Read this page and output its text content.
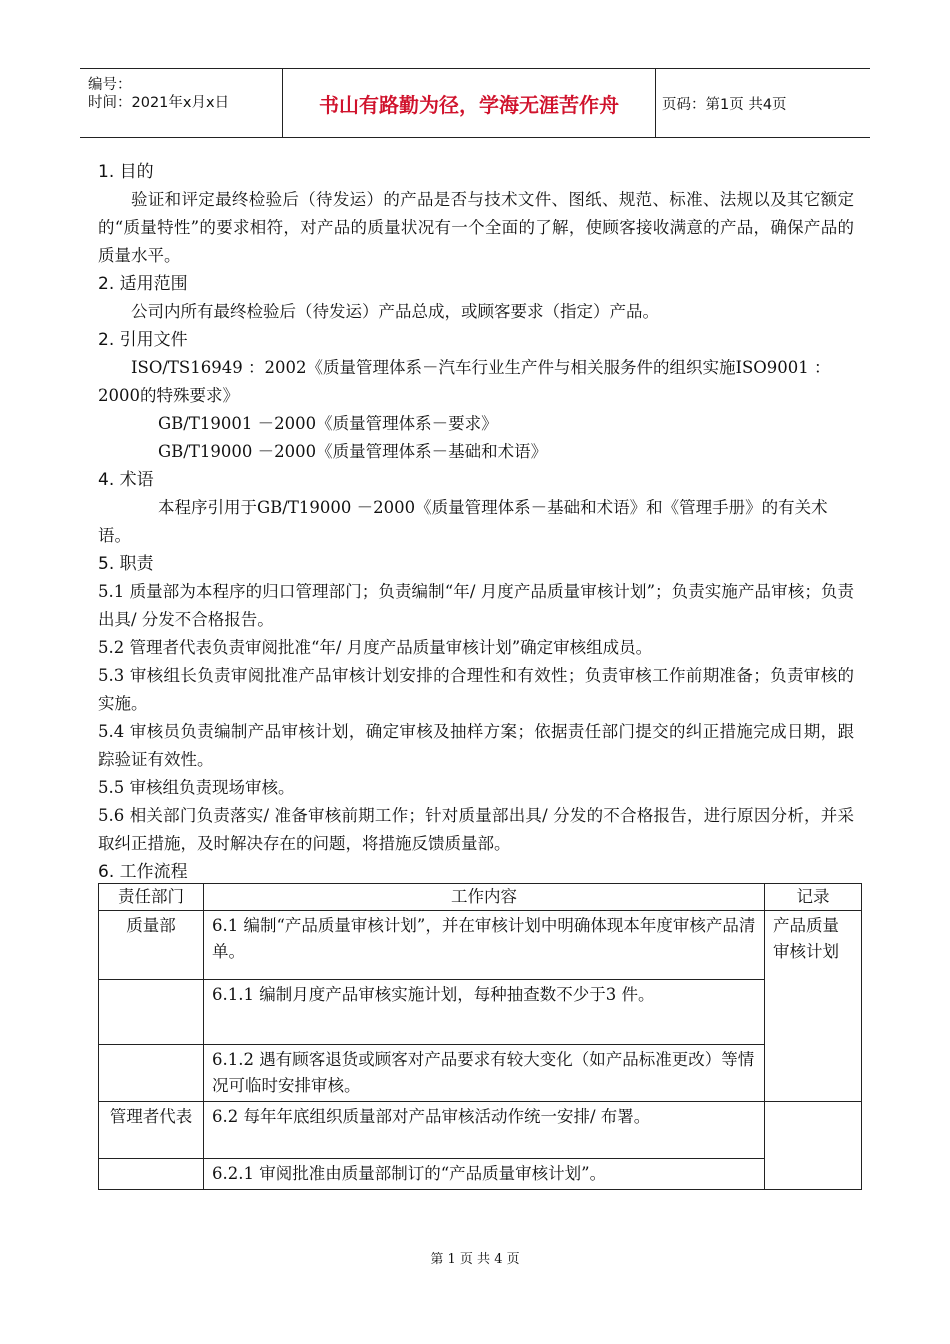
编号：
时间：2021年x月x日	书山有路勤为径，学海无涯苦作舟	页码：第1页 共4页
1. 目的

验证和评定最终检验后（待发运）的产品是否与技术文件、图纸、规范、标准、法规以及其它额定的“质量特性”的要求相符，对产品的质量状况有一个全面的了解，使顾客接收满意的产品，确保产品的质量水平。

2. 适用范围

公司内所有最终检验后（待发运）产品总成，或顾客要求（指定）产品。

2. 引用文件

ISO/TS16949 ：2002《质量管理体系－汽车行业生产件与相关服务件的组织实施ISO9001 ：2000的特殊要求》

GB/T19001 －2000《质量管理体系－要求》

GB/T19000 －2000《质量管理体系－基础和术语》

4. 术语

本程序引用于GB/T19000 －2000《质量管理体系－基础和术语》和《管理手册》的有关术语。

5. 职责

5.1 质量部为本程序的归口管理部门；负责编制“年/ 月度产品质量审核计划”；负责实施产品审核；负责出具/ 分发不合格报告。

5.2 管理者代表负责审阅批准“年/ 月度产品质量审核计划”确定审核组成员。

5.3 审核组长负责审阅批准产品审核计划安排的合理性和有效性；负责审核工作前期准备；负责审核的实施。

5.4 审核员负责编制产品审核计划，确定审核及抽样方案；依据责任部门提交的纠正措施完成日期，跟踪验证有效性。

5.5 审核组负责现场审核。

5.6 相关部门负责落实/ 准备审核前期工作；针对质量部出具/ 分发的不合格报告，进行原因分析，并采取纠正措施，及时解决存在的问题，将措施反馈质量部。

6. 工作流程
责任部门	工作内容	记录
质量部	6.1 编制“产品质量审核计划”，并在审核计划中明确体现本年度审核产品清单。	产品质量审核计划
	6.1.1 编制月度产品审核实施计划，每种抽查数不少于3 件。	
	6.1.2 遇有顾客退货或顾客对产品要求有较大变化（如产品标准更改）等情况可临时安排审核。	
管理者代表	6.2 每年年底组织质量部对产品审核活动作统一安排/ 布署。	
	6.2.1 审阅批准由质量部制订的“产品质量审核计划”。	
第 1 页 共 4 页
